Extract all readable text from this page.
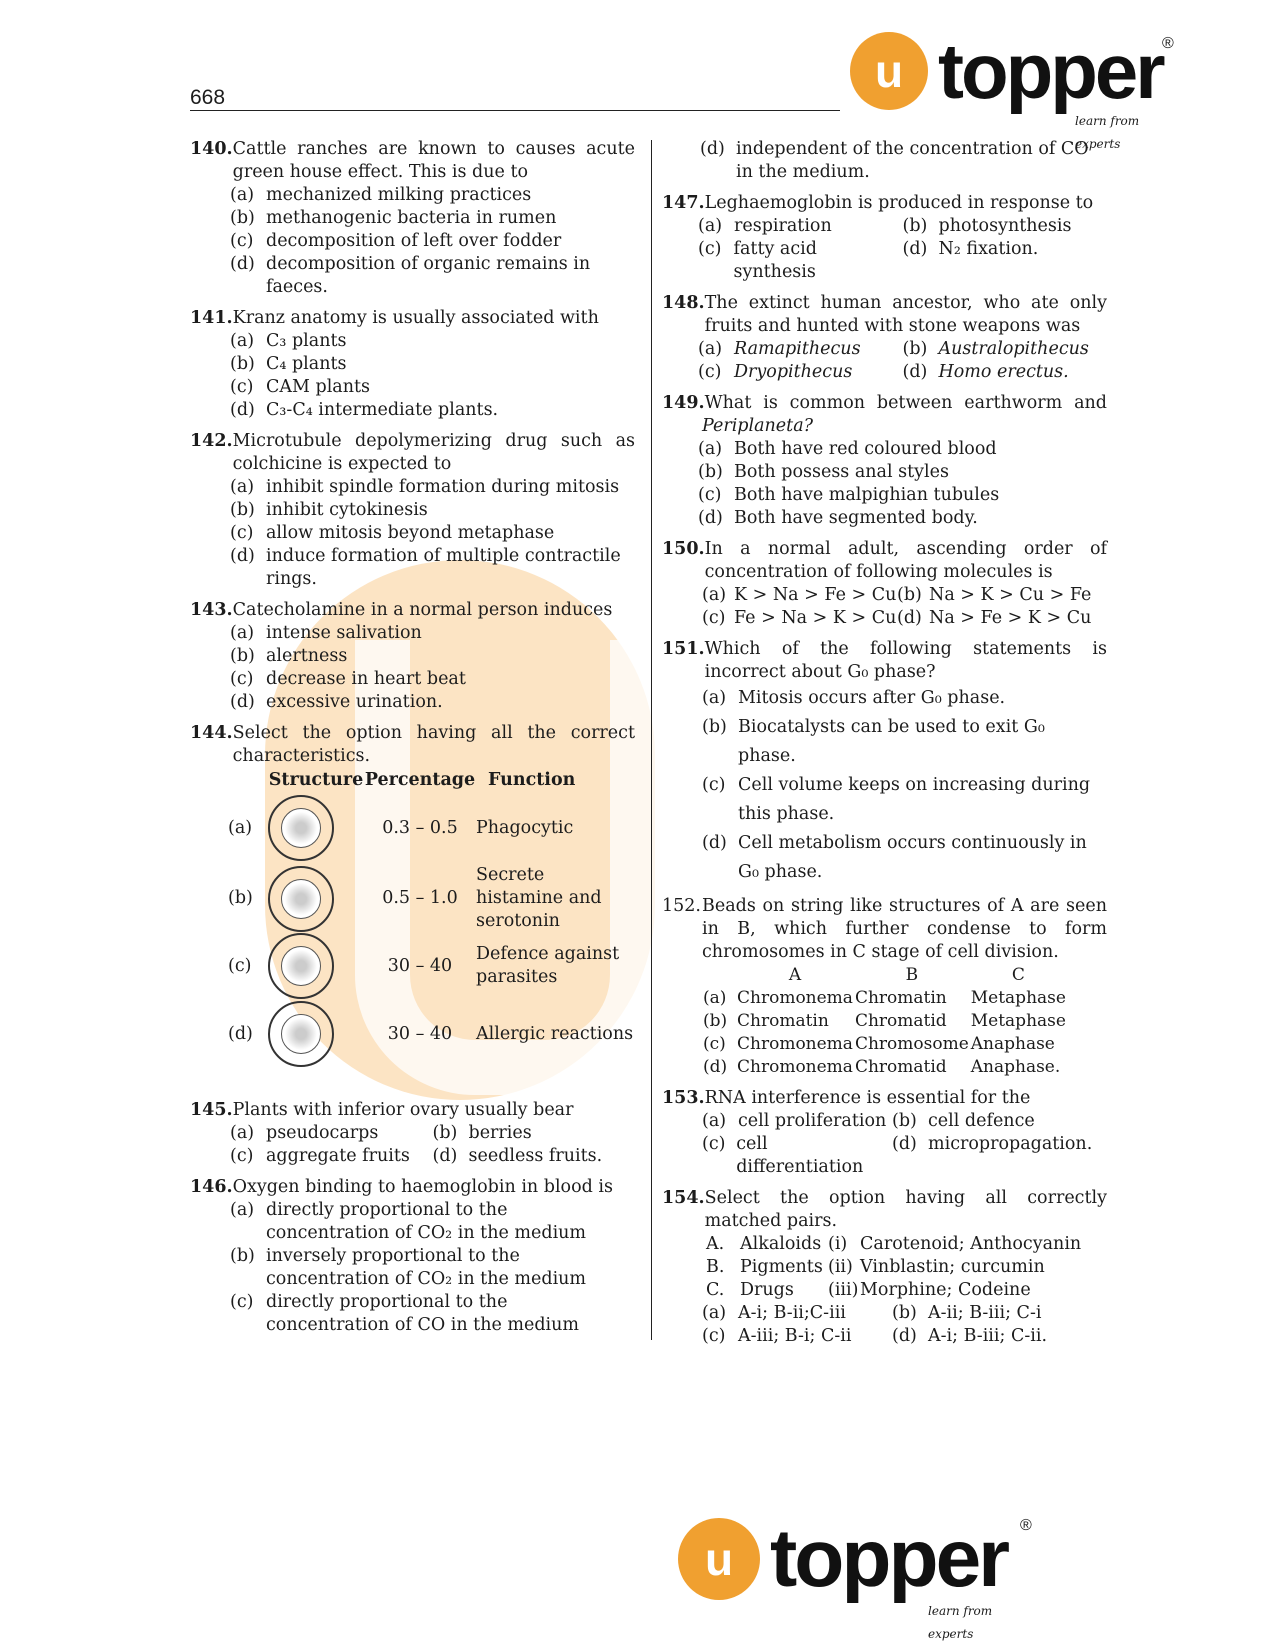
668
u topper ®
learn from experts
140. Cattle ranches are known to causes acute green house effect. This is due to
(a) mechanized milking practices
(b) methanogenic bacteria in rumen
(c) decomposition of left over fodder
(d) decomposition of organic remains in faeces.
141. Kranz anatomy is usually associated with
(a) C₃ plants
(b) C₄ plants
(c) CAM plants
(d) C₃-C₄ intermediate plants.
142. Microtubule depolymerizing drug such as colchicine is expected to
(a) inhibit spindle formation during mitosis
(b) inhibit cytokinesis
(c) allow mitosis beyond metaphase
(d) induce formation of multiple contractile rings.
143. Catecholamine in a normal person induces
(a) intense salivation
(b) alertness
(c) decrease in heart beat
(d) excessive urination.
144. Select the option having all the correct characteristics.
	Structure	Percentage	Function
(a)		0.3 – 0.5	Phagocytic
(b)		0.5 – 1.0	Secrete histamine and serotonin
(c)		30 – 40	Defence against parasites
(d)		30 – 40	Allergic reactions
145. Plants with inferior ovary usually bear
(a) pseudocarps	(b) berries
(c) aggregate fruits (d) seedless fruits.
146. Oxygen binding to haemoglobin in blood is
(a) directly proportional to the concentration of CO₂ in the medium
(b) inversely proportional to the concentration of CO₂ in the medium
(c) directly proportional to the concentration of CO in the medium
(d) independent of the concentration of CO in the medium.
147. Leghaemoglobin is produced in response to
(a) respiration	(b) photosynthesis
(c) fatty acid synthesis
(d) N₂ fixation.
148. The extinct human ancestor, who ate only fruits and hunted with stone weapons was
(a) Ramapithecus (b) Australopithecus
(c) Dryopithecus	(d) Homo erectus.
149. What is common between earthworm and
Periplaneta?
(a) Both have red coloured blood
(b) Both possess anal styles
(c) Both have malpighian tubules
(d) Both have segmented body.
150. In a normal adult, ascending order of concentration of following molecules is
(a) K > Na > Fe > Cu (b) Na > K > Cu > Fe
(c) Fe > Na > K > Cu (d) Na > Fe > K > Cu
151. Which of the following statements is incorrect about G₀ phase?
(a) Mitosis occurs after G₀ phase.
(b) Biocatalysts can be used to exit G₀ phase.
(c) Cell volume keeps on increasing during this phase.
(d) Cell metabolism occurs continuously in G₀ phase.
152. Beads on string like structures of A are seen in B, which further condense to form chromosomes in C stage of cell division.
	A	B	C
(a)	Chromonema	Chromatin	Metaphase
(b)	Chromatin	Chromatid	Metaphase
(c)	Chromonema	Chromosome	Anaphase
(d)	Chromonema	Chromatid	Anaphase.
153. RNA interference is essential for the
(a) cell proliferation (b) cell defence
(c) cell differentiation
(d) micropropagation.
154. Select the option having all correctly matched pairs.
A. Alkaloids (i) Carotenoid; Anthocyanin
B. Pigments (ii) Vinblastin; curcumin
C. Drugs	(iii) Morphine; Codeine
(a) A-i; B-ii;C-iii	(b) A-ii; B-iii; C-i
(c) A-iii; B-i; C-ii (d) A-i; B-iii; C-ii.
u topper ®
learn from experts
